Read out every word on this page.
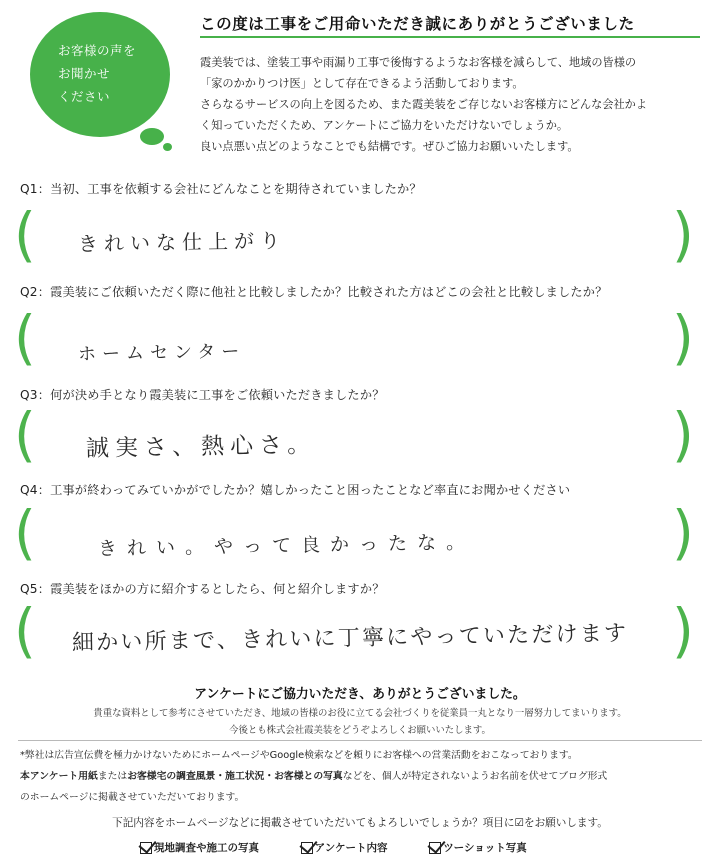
お客様の声を
お聞かせ
ください
この度は工事をご用命いただき誠にありがとうございました
霞美装では、塗装工事や雨漏り工事で後悔するようなお客様を減らして、地域の皆様の
「家のかかりつけ医」として存在できるよう活動しております。
さらなるサービスの向上を図るため、また霞美装をご存じないお客様方にどんな会社かよ
く知っていただくため、アンケートにご協力をいただけないでしょうか。
良い点悪い点どのようなことでも結構です。ぜひご協力お願いいたします。
Q1：当初、工事を依頼する会社にどんなことを期待されていましたか？
(	)
きれいな仕上がり
Q2：霞美装にご依頼いただく際に他社と比較しましたか？比較された方はどこの会社と比較しましたか？
(	)
ホームセンター
Q3：何が決め手となり霞美装に工事をご依頼いただきましたか？
(	)
誠実さ、熱心さ。
Q4：工事が終わってみていかがでしたか？嬉しかったこと困ったことなど率直にお聞かせください
(	)
きれい。やって良かったな。
Q5：霞美装をほかの方に紹介するとしたら、何と紹介しますか？
(	)
細かい所まで、きれいに丁寧にやっていただけます
アンケートにご協力いただき、ありがとうございました。
貴重な資料として参考にさせていただき、地域の皆様のお役に立てる会社づくりを従業員一丸となり一層努力してまいります。
今後とも株式会社霞美装をどうぞよろしくお願いいたします。
*弊社は広告宣伝費を極力かけないためにホームページやGoogle検索などを頼りにお客様への営業活動をおこなっております。
本アンケート用紙またはお客様宅の調査風景・施工状況・お客様との写真などを、個人が特定されないようお名前を伏せてブログ形式
のホームページに掲載させていただいております。
下記内容をホームページなどに掲載させていただいてもよろしいでしょうか？項目に☑をお願いします。
現地調査や施工の写真	アンケート内容	ツーショット写真
